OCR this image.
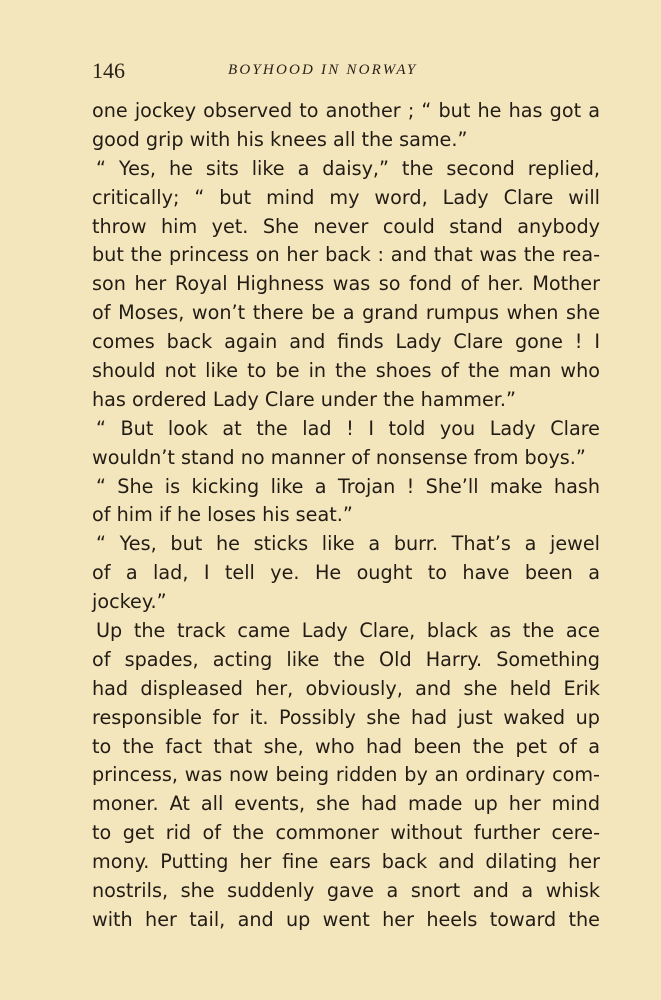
146	BOYHOOD IN NORWAY
one jockey observed to another ; “ but he has got a
good grip with his knees all the same.”
“ Yes, he sits like a daisy,” the second replied,
critically; “ but mind my word, Lady Clare will
throw him yet. She never could stand anybody
but the princess on her back : and that was the rea-
son her Royal Highness was so fond of her. Mother
of Moses, won’t there be a grand rumpus when she
comes back again and finds Lady Clare gone ! I
should not like to be in the shoes of the man who
has ordered Lady Clare under the hammer.”
“ But look at the lad ! I told you Lady Clare
wouldn’t stand no manner of nonsense from boys.”
“ She is kicking like a Trojan ! She’ll make hash
of him if he loses his seat.”
“ Yes, but he sticks like a burr. That’s a jewel
of a lad, I tell ye. He ought to have been a
jockey.”
Up the track came Lady Clare, black as the ace
of spades, acting like the Old Harry. Something
had displeased her, obviously, and she held Erik
responsible for it. Possibly she had just waked up
to the fact that she, who had been the pet of a
princess, was now being ridden by an ordinary com-
moner. At all events, she had made up her mind
to get rid of the commoner without further cere-
mony. Putting her fine ears back and dilating her
nostrils, she suddenly gave a snort and a whisk
with her tail, and up went her heels toward the
